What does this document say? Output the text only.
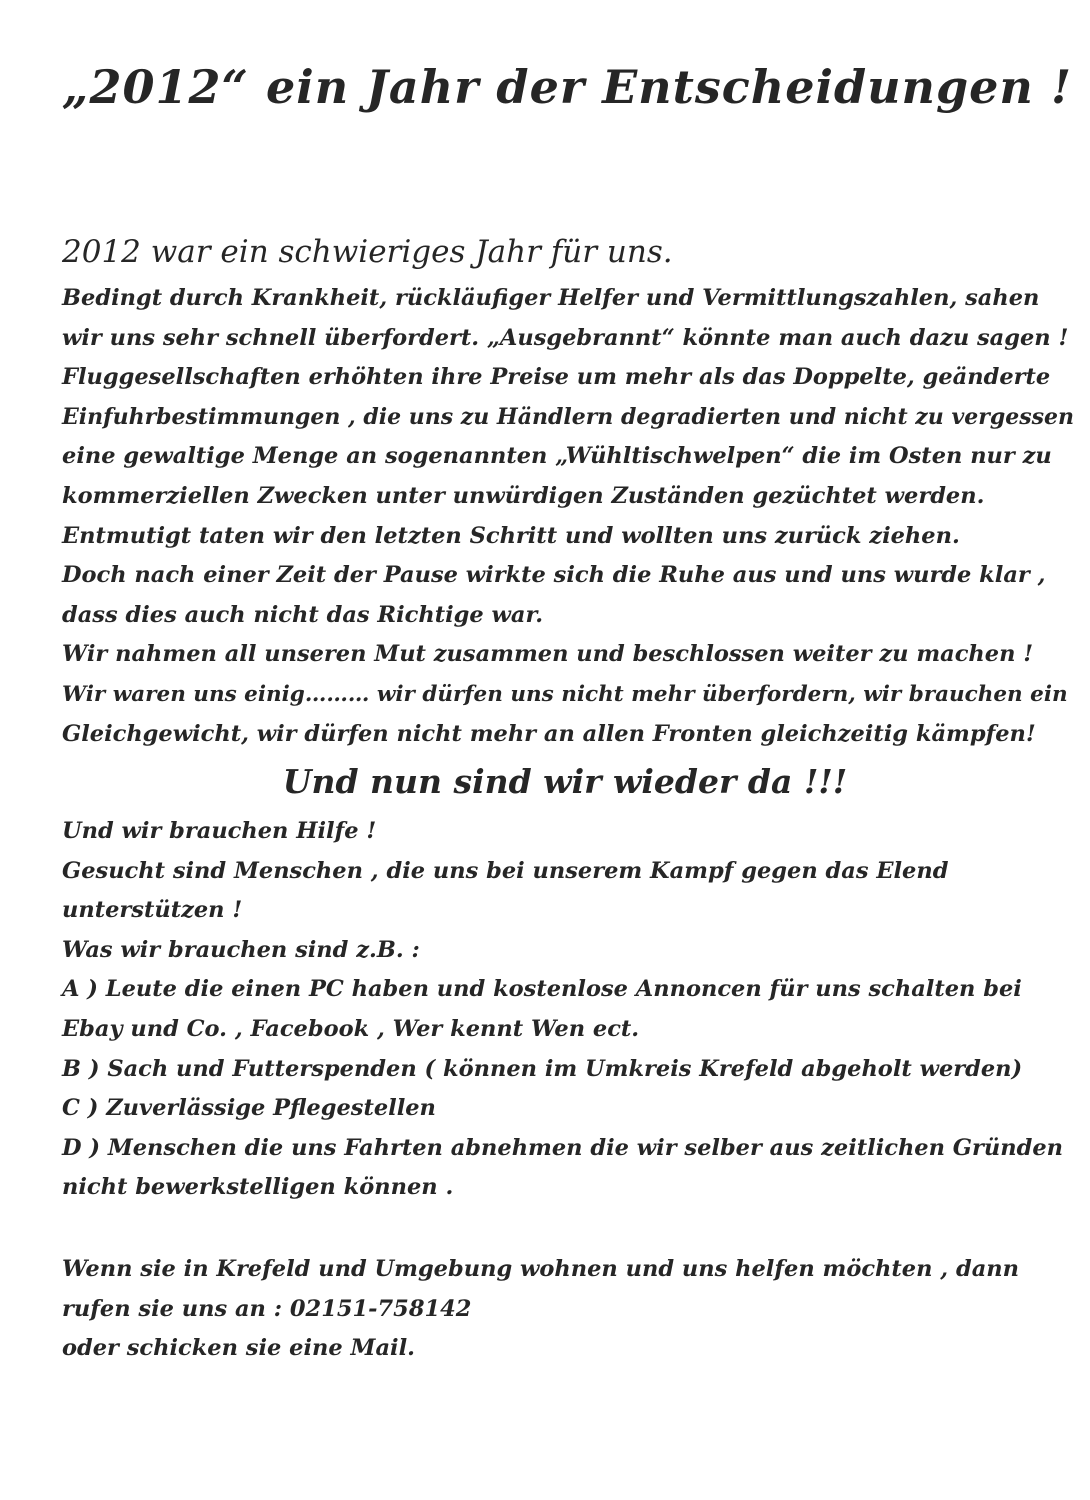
„2012“ ein Jahr der Entscheidungen !
2012 war ein schwieriges Jahr für uns.
Bedingt durch Krankheit, rückläufiger Helfer und Vermittlungszahlen, sahen
wir uns sehr schnell überfordert. „Ausgebrannt“ könnte man auch dazu sagen !
Fluggesellschaften erhöhten ihre Preise um mehr als das Doppelte, geänderte
Einfuhrbestimmungen , die uns zu Händlern degradierten und nicht zu vergessen
eine gewaltige Menge an sogenannten „Wühltischwelpen“ die im Osten nur zu
kommerziellen Zwecken unter unwürdigen Zuständen gezüchtet werden.
Entmutigt taten wir den letzten Schritt und wollten uns zurück ziehen.
Doch nach einer Zeit der Pause wirkte sich die Ruhe aus und uns wurde klar ,
dass dies auch nicht das Richtige war.
Wir nahmen all unseren Mut zusammen und beschlossen weiter zu machen !
Wir waren uns einig……… wir dürfen uns nicht mehr überfordern, wir brauchen ein
Gleichgewicht, wir dürfen nicht mehr an allen Fronten gleichzeitig kämpfen!
Und nun sind wir wieder da !!!
Und wir brauchen Hilfe !
Gesucht sind Menschen , die uns bei unserem Kampf gegen das Elend
unterstützen !
Was wir brauchen sind z.B. :
A ) Leute die einen PC haben und kostenlose Annoncen für uns schalten bei
Ebay und Co. , Facebook , Wer kennt Wen ect.
B ) Sach und Futterspenden ( können im Umkreis Krefeld abgeholt werden)
C ) Zuverlässige Pflegestellen
D ) Menschen die uns Fahrten abnehmen die wir selber aus zeitlichen Gründen
nicht bewerkstelligen können .
Wenn sie in Krefeld und Umgebung wohnen und uns helfen möchten , dann
rufen sie uns an : 02151-758142
oder schicken sie eine Mail.
